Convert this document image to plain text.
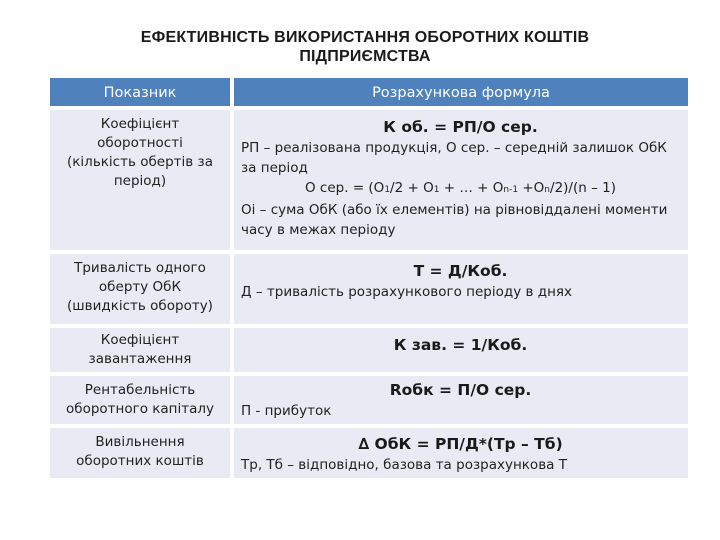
ЕФЕКТИВНІСТЬ ВИКОРИСТАННЯ ОБОРОТНИХ КОШТІВ
ПІДПРИЄМСТВА
Показник	Розрахункова формула
Коефіцієнт
оборотності
(кількість обертів за
період)
К об. = РП/О сер.
РП – реалізована продукція, О сер. – середній залишок ОбК за період
О сер. = (О1/2 + О1 + … + Оn-1 +Оn/2)/(n – 1)
Оі – сума ОбК (або їх елементів) на рівновіддалені моменти часу в межах періоду
Тривалість одного
оберту ОбК
(швидкість обороту)
Т = Д/Коб.
Д – тривалість розрахункового періоду в днях
Коефіцієнт
завантаження
К зав. = 1/Коб.
Рентабельність
оборотного капіталу
Rобк = П/О сер.
П - прибуток
Вивільнення
оборотних коштів
∆ ОбК = РП/Д*(Тр – Тб)
Тр, Тб – відповідно, базова та розрахункова Т
